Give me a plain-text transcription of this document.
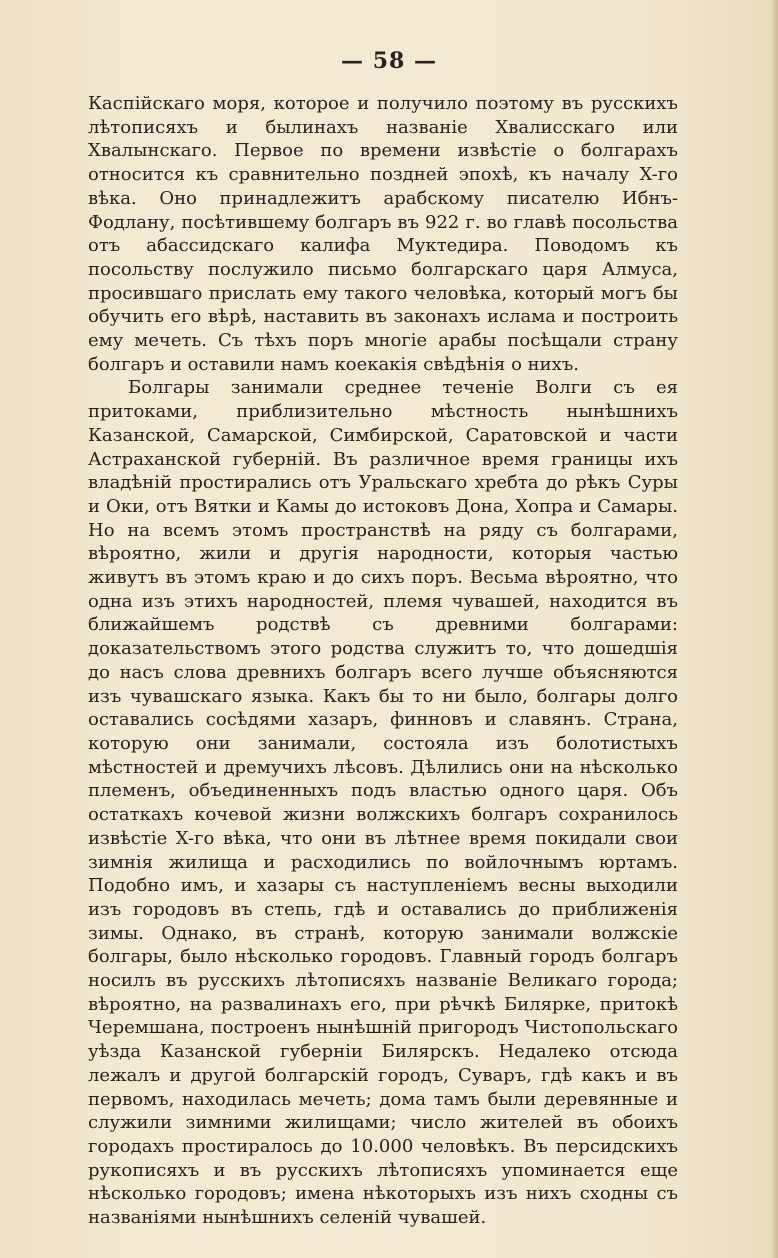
— 58 —

Каспійскаго моря, которое и получило поэтому въ русскихъ лѣтописяхъ и былинахъ названіе Хвалисскаго или Хвалынскаго. Первое по времени извѣстіе о болгарахъ относится къ сравнительно поздней эпохѣ, къ началу X-го вѣка. Оно принадлежитъ арабскому писателю Ибнъ-Фодлану, посѣтившему болгаръ въ 922 г. во главѣ посольства отъ абассидскаго калифа Муктедира. Поводомъ къ посольству послужило письмо болгарскаго царя Алмуса, просившаго прислать ему такого человѣка, который могъ бы обучить его вѣрѣ, наставить въ законахъ ислама и построить ему мечеть. Съ тѣхъ поръ многіе арабы посѣщали страну болгаръ и оставили намъ коекакія свѣдѣнія о нихъ.

Болгары занимали среднее теченіе Волги съ ея притоками, приблизительно мѣстность нынѣшнихъ Казанской, Самарской, Симбирской, Саратовской и части Астраханской губерній. Въ различное время границы ихъ владѣній простирались отъ Уральскаго хребта до рѣкъ Суры и Оки, отъ Вятки и Камы до истоковъ Дона, Хопра и Самары. Но на всемъ этомъ пространствѣ на ряду съ болгарами, вѣроятно, жили и другія народности, которыя частью живутъ въ этомъ краю и до сихъ поръ. Весьма вѣроятно, что одна изъ этихъ народностей, племя чувашей, находится въ ближайшемъ родствѣ съ древними болгарами: доказательствомъ этого родства служитъ то, что дошедшія до насъ слова древнихъ болгаръ всего лучше объясняются изъ чувашскаго языка. Какъ бы то ни было, болгары долго оставались сосѣдями хазаръ, финновъ и славянъ. Страна, которую они занимали, состояла изъ болотистыхъ мѣстностей и дремучихъ лѣсовъ. Дѣлились они на нѣсколько племенъ, объединенныхъ подъ властью одного царя. Объ остаткахъ кочевой жизни волжскихъ болгаръ сохранилось извѣстіе X-го вѣка, что они въ лѣтнее время покидали свои зимнія жилища и расходились по войлочнымъ юртамъ. Подобно имъ, и хазары съ наступленіемъ весны выходили изъ городовъ въ степь, гдѣ и оставались до приближенія зимы. Однако, въ странѣ, которую занимали волжскіе болгары, было нѣсколько городовъ. Главный городъ болгаръ носилъ въ русскихъ лѣтописяхъ названіе Великаго города; вѣроятно, на развалинахъ его, при рѣчкѣ Билярке, притокѣ Черемшана, построенъ нынѣшній пригородъ Чистопольскаго уѣзда Казанской губерніи Билярскъ. Недалеко отсюда лежалъ и другой болгарскій городъ, Суваръ, гдѣ какъ и въ первомъ, находилась мечеть; дома тамъ были деревянные и служили зимними жилищами; число жителей въ обоихъ городахъ простиралось до 10.000 человѣкъ. Въ персидскихъ рукописяхъ и въ русскихъ лѣтописяхъ упоминается еще нѣсколько городовъ; имена нѣкоторыхъ изъ нихъ сходны съ названіями нынѣшнихъ селеній чувашей.
